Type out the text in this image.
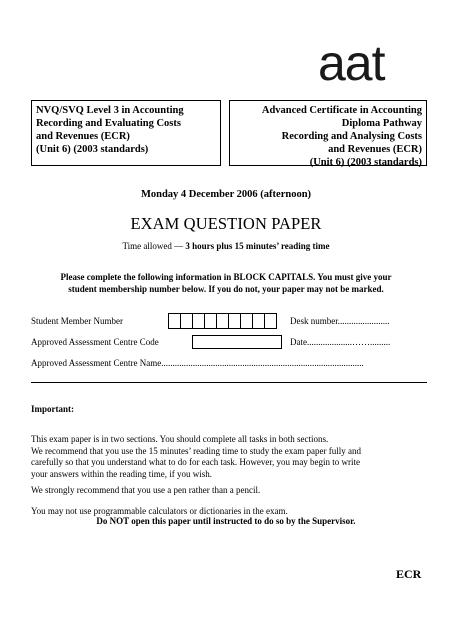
aat
NVQ/SVQ Level 3 in Accounting
Recording and Evaluating Costs
and Revenues (ECR)
(Unit 6) (2003 standards)
Advanced Certificate in Accounting
Diploma Pathway
Recording and Analysing Costs
and Revenues (ECR)
(Unit 6) (2003 standards)
Monday 4 December 2006 (afternoon)
EXAM QUESTION PAPER
Time allowed — 3 hours plus 15 minutes’ reading time
Please complete the following information in BLOCK CAPITALS. You must give your
student membership number below. If you do not, your paper may not be marked.
Student Member Number	Desk number.......................
Approved Assessment Centre Code	Date....................…….........
Approved Assessment Centre Name..........................................................................................
Important:
This exam paper is in two sections. You should complete all tasks in both sections.
We recommend that you use the 15 minutes’ reading time to study the exam paper fully and
carefully so that you understand what to do for each task. However, you may begin to write
your answers within the reading time, if you wish.
We strongly recommend that you use a pen rather than a pencil.
You may not use programmable calculators or dictionaries in the exam.
Do NOT open this paper until instructed to do so by the Supervisor.
ECR
